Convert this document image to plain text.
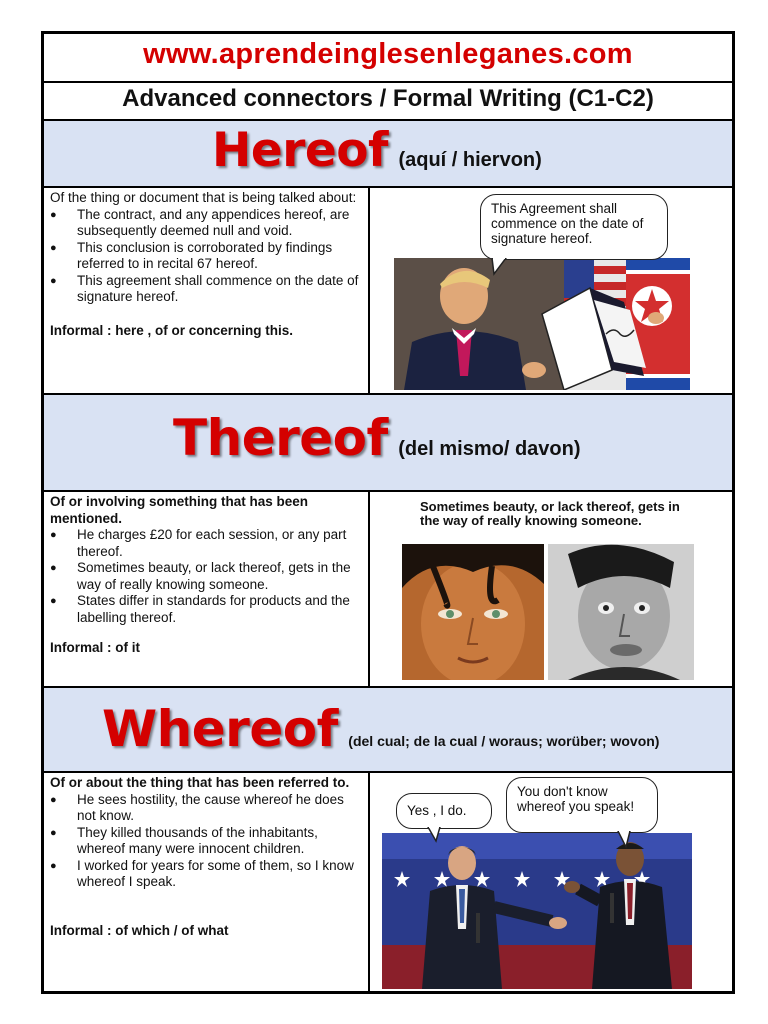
www.aprendeinglesenleganes.com
Advanced connectors / Formal Writing (C1-C2)
Hereof (aquí / hiervon)

Of the thing or document that is being talked about:

● The contract, and any appendices hereof, are subsequently deemed null and void.
● This conclusion is corroborated by findings referred to in recital 67 hereof.
● This agreement shall commence on the date of signature hereof.

Informal : here , of or concerning this.

This Agreement shall commence on the date of signature hereof.
Thereof (del mismo/ davon)

Of or involving something that has been mentioned.

● He charges £20 for each session, or any part thereof.
● Sometimes beauty, or lack thereof, gets in the way of really knowing someone.
● States differ in standards for products and the labelling thereof.

Informal : of it

Sometimes beauty, or lack thereof, gets in the way of really knowing someone.
Whereof (del cual; de la cual / woraus; worüber; wovon)

Of or about the thing that has been referred to.

● He sees hostility, the cause whereof he does not know.
● They killed thousands of the inhabitants, whereof many were innocent children.
● I worked for years for some of them, so I know whereof I speak.

Informal : of which / of what

Yes , I do.
You don't know whereof you speak!
